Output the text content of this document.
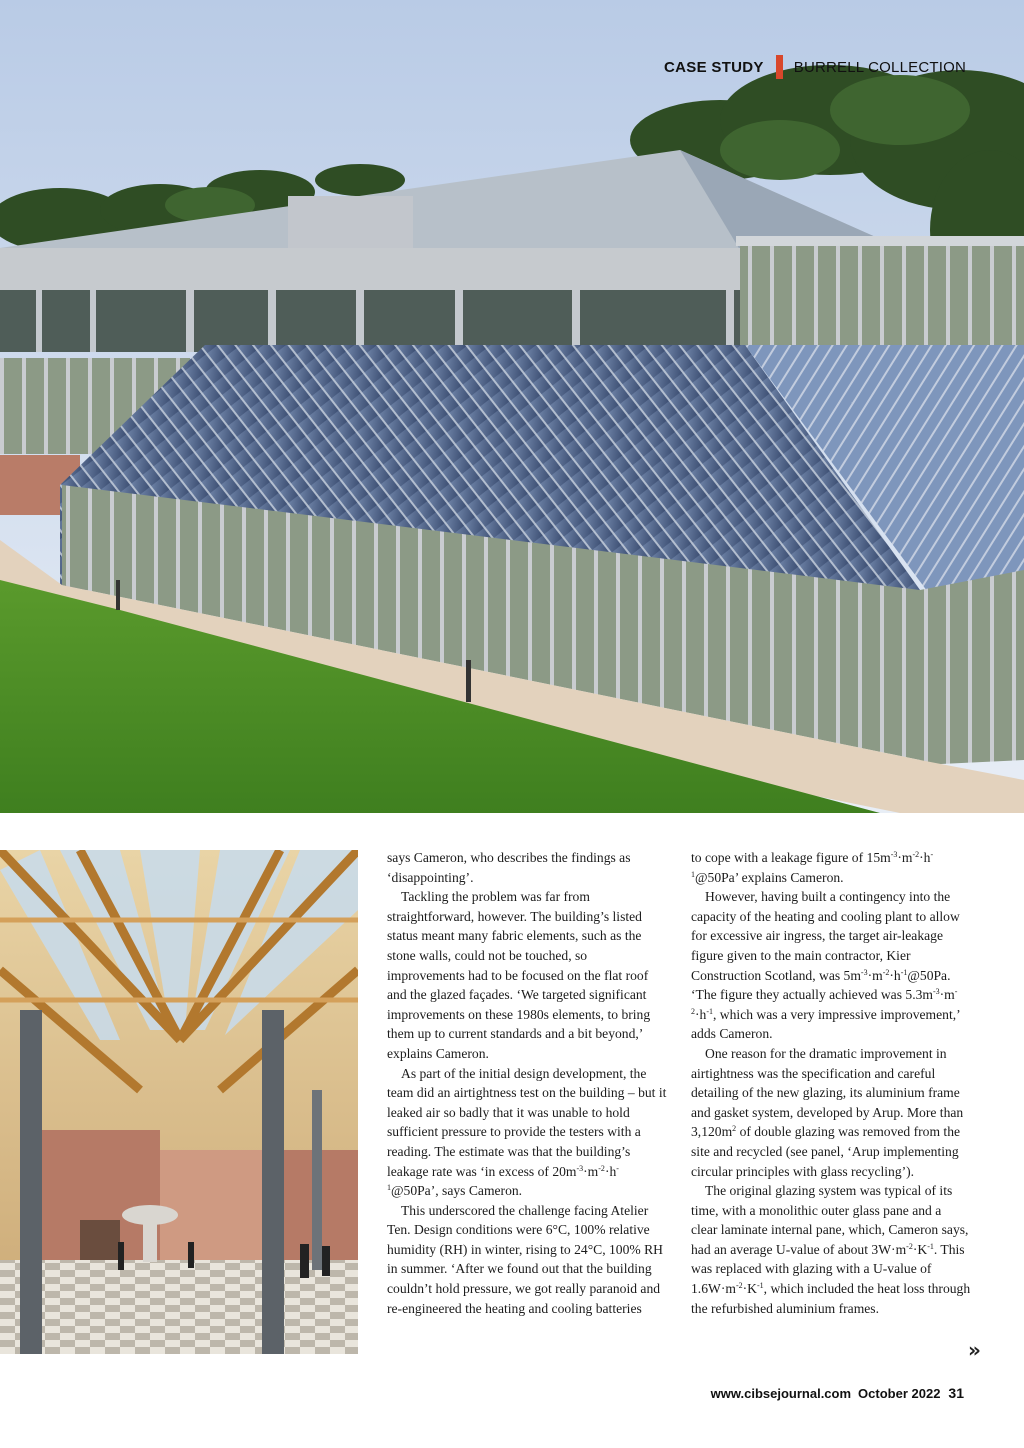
CASE STUDY BURRELL COLLECTION

says Cameron, who describes the findings as ‘disappointing’.

Tackling the problem was far from straightforward, however. The building’s listed status meant many fabric elements, such as the stone walls, could not be touched, so improvements had to be focused on the flat roof and the glazed façades. ‘We targeted significant improvements on these 1980s elements, to bring them up to current standards and a bit beyond,’ explains Cameron.

As part of the initial design development, the team did an airtightness test on the building – but it leaked air so badly that it was unable to hold sufficient pressure to provide the testers with a reading. The estimate was that the building’s leakage rate was ‘in excess of $20m^{-3}\cdot m^{-2}\cdot h^{-1}@50Pa$’, says Cameron.

This underscored the challenge facing Atelier Ten. Design conditions were 6°C, 100% relative humidity (RH) in winter, rising to 24°C, 100% RH in summer. ‘After we found out that the building couldn’t hold pressure, we got really paranoid and re-engineered the heating and cooling batteries

to cope with a leakage figure of $15m^{-3}\cdot m^{-2}\cdot h^{-1}@50Pa$’ explains Cameron.

However, having built a contingency into the capacity of the heating and cooling plant to allow for excessive air ingress, the target air-leakage figure given to the main contractor, Kier Construction Scotland, was $5m^{-3}\cdot m^{-2}\cdot h^{-1}@50Pa$. ‘The figure they actually achieved was $5.3m^{-3}\cdot m^{-2}\cdot h^{-1}$, which was a very impressive improvement,’ adds Cameron.

One reason for the dramatic improvement in airtightness was the specification and careful detailing of the new glazing, its aluminium frame and gasket system, developed by Arup. More than $3,120m^2$ of double glazing was removed from the site and recycled (see panel, ‘Arup implementing circular principles with glass recycling’).

The original glazing system was typical of its time, with a monolithic outer glass pane and a clear laminate internal pane, which, Cameron says, had an average U-value of about $3W\cdot m^{-2}\cdot K^{-1}$. This was replaced with glazing with a U-value of $1.6W\cdot m^{-2}\cdot K^{-1}$, which included the heat loss through the refurbished aluminium frames.

»
www.cibsejournal.com October 2022 31
